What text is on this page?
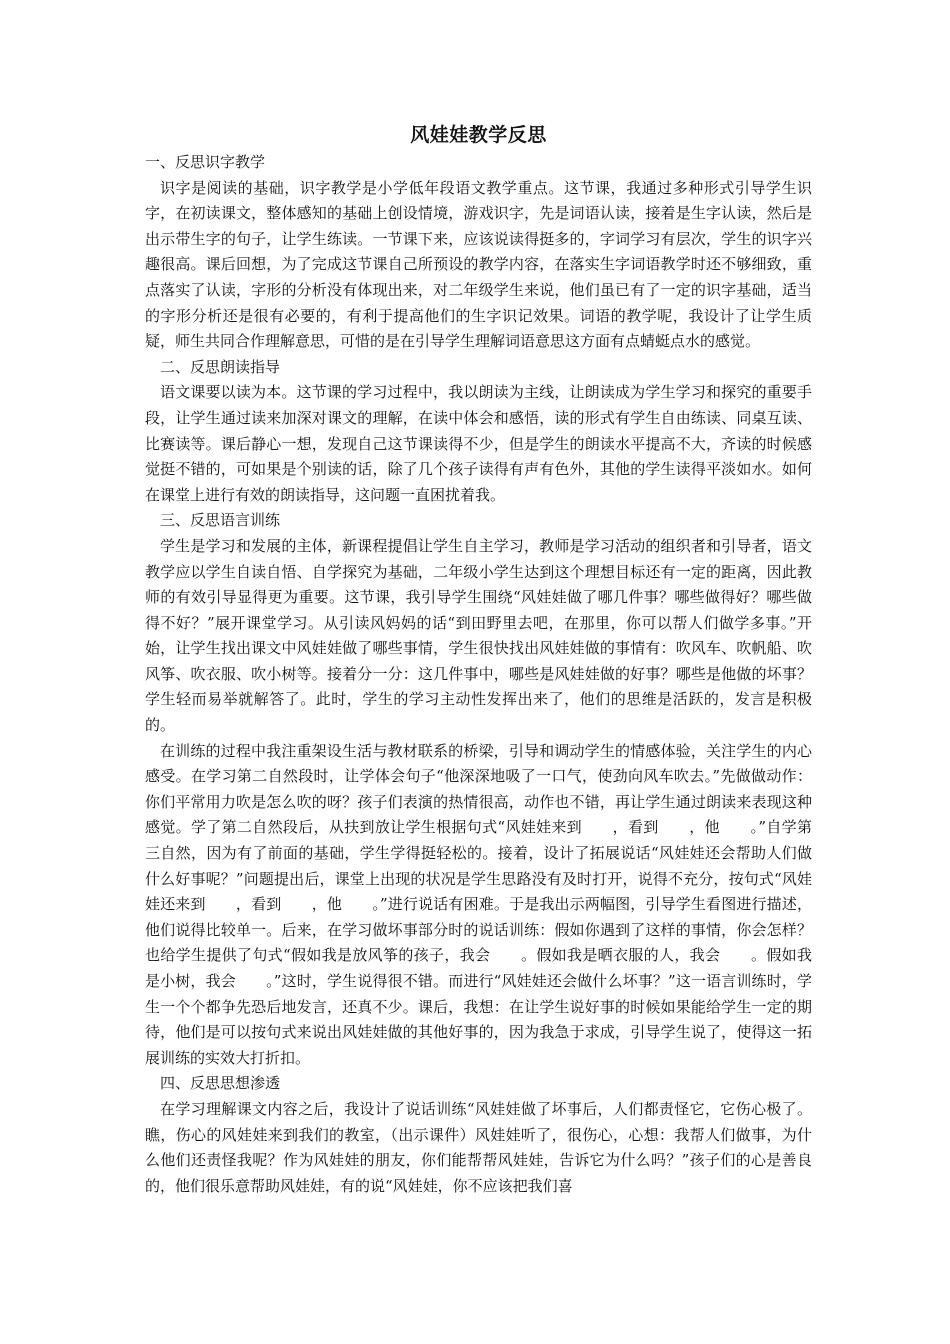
风娃娃教学反思

一、反思识字教学

识字是阅读的基础，识字教学是小学低年段语文教学重点。这节课，我通过多种形式引导学生识字，在初读课文，整体感知的基础上创设情境，游戏识字，先是词语认读，接着是生字认读，然后是出示带生字的句子，让学生练读。一节课下来，应该说读得挺多的，字词学习有层次，学生的识字兴趣很高。课后回想，为了完成这节课自己所预设的教学内容，在落实生字词语教学时还不够细致，重点落实了认读，字形的分析没有体现出来，对二年级学生来说，他们虽已有了一定的识字基础，适当的字形分析还是很有必要的，有利于提高他们的生字识记效果。词语的教学呢，我设计了让学生质疑，师生共同合作理解意思，可惜的是在引导学生理解词语意思这方面有点蜻蜓点水的感觉。

二、反思朗读指导

语文课要以读为本。这节课的学习过程中，我以朗读为主线，让朗读成为学生学习和探究的重要手段，让学生通过读来加深对课文的理解，在读中体会和感悟，读的形式有学生自由练读、同桌互读、比赛读等。课后静心一想，发现自己这节课读得不少，但是学生的朗读水平提高不大，齐读的时候感觉挺不错的，可如果是个别读的话，除了几个孩子读得有声有色外，其他的学生读得平淡如水。如何在课堂上进行有效的朗读指导，这问题一直困扰着我。

三、反思语言训练

学生是学习和发展的主体，新课程提倡让学生自主学习，教师是学习活动的组织者和引导者，语文教学应以学生自读自悟、自学探究为基础，二年级小学生达到这个理想目标还有一定的距离，因此教师的有效引导显得更为重要。这节课，我引导学生围绕“风娃娃做了哪几件事？哪些做得好？哪些做得不好？”展开课堂学习。从引读风妈妈的话“到田野里去吧，在那里，你可以帮人们做学多事。”开始，让学生找出课文中风娃娃做了哪些事情，学生很快找出风娃娃做的事情有：吹风车、吹帆船、吹风筝、吹衣服、吹小树等。接着分一分：这几件事中，哪些是风娃娃做的好事？哪些是他做的坏事？学生轻而易举就解答了。此时，学生的学习主动性发挥出来了，他们的思维是活跃的，发言是积极的。

在训练的过程中我注重架设生活与教材联系的桥梁，引导和调动学生的情感体验，关注学生的内心感受。在学习第二自然段时，让学体会句子“他深深地吸了一口气，使劲向风车吹去。”先做做动作：你们平常用力吹是怎么吹的呀？孩子们表演的热情很高，动作也不错，再让学生通过朗读来表现这种感觉。学了第二自然段后，从扶到放让学生根据句式“风娃娃来到　　，看到　　，他　　。”自学第三自然，因为有了前面的基础，学生学得挺轻松的。接着，设计了拓展说话“风娃娃还会帮助人们做什么好事呢？”问题提出后，课堂上出现的状况是学生思路没有及时打开，说得不充分，按句式“风娃娃还来到　　，看到　　，他　　。”进行说话有困难。于是我出示两幅图，引导学生看图进行描述，他们说得比较单一。后来，在学习做坏事部分时的说话训练：假如你遇到了这样的事情，你会怎样？也给学生提供了句式“假如我是放风筝的孩子，我会　　。假如我是晒衣服的人，我会　　。假如我是小树，我会　　。”这时，学生说得很不错。而进行“风娃娃还会做什么坏事？”这一语言训练时，学生一个个都争先恐后地发言，还真不少。课后，我想：在让学生说好事的时候如果能给学生一定的期待，他们是可以按句式来说出风娃娃做的其他好事的，因为我急于求成，引导学生说了，使得这一拓展训练的实效大打折扣。

四、反思思想渗透

在学习理解课文内容之后，我设计了说话训练“风娃娃做了坏事后，人们都责怪它，它伤心极了。瞧，伤心的风娃娃来到我们的教室，（出示课件）风娃娃听了，很伤心，心想：我帮人们做事，为什么他们还责怪我呢？作为风娃娃的朋友，你们能帮帮风娃娃，告诉它为什么吗？”孩子们的心是善良的，他们很乐意帮助风娃娃，有的说“风娃娃，你不应该把我们喜
